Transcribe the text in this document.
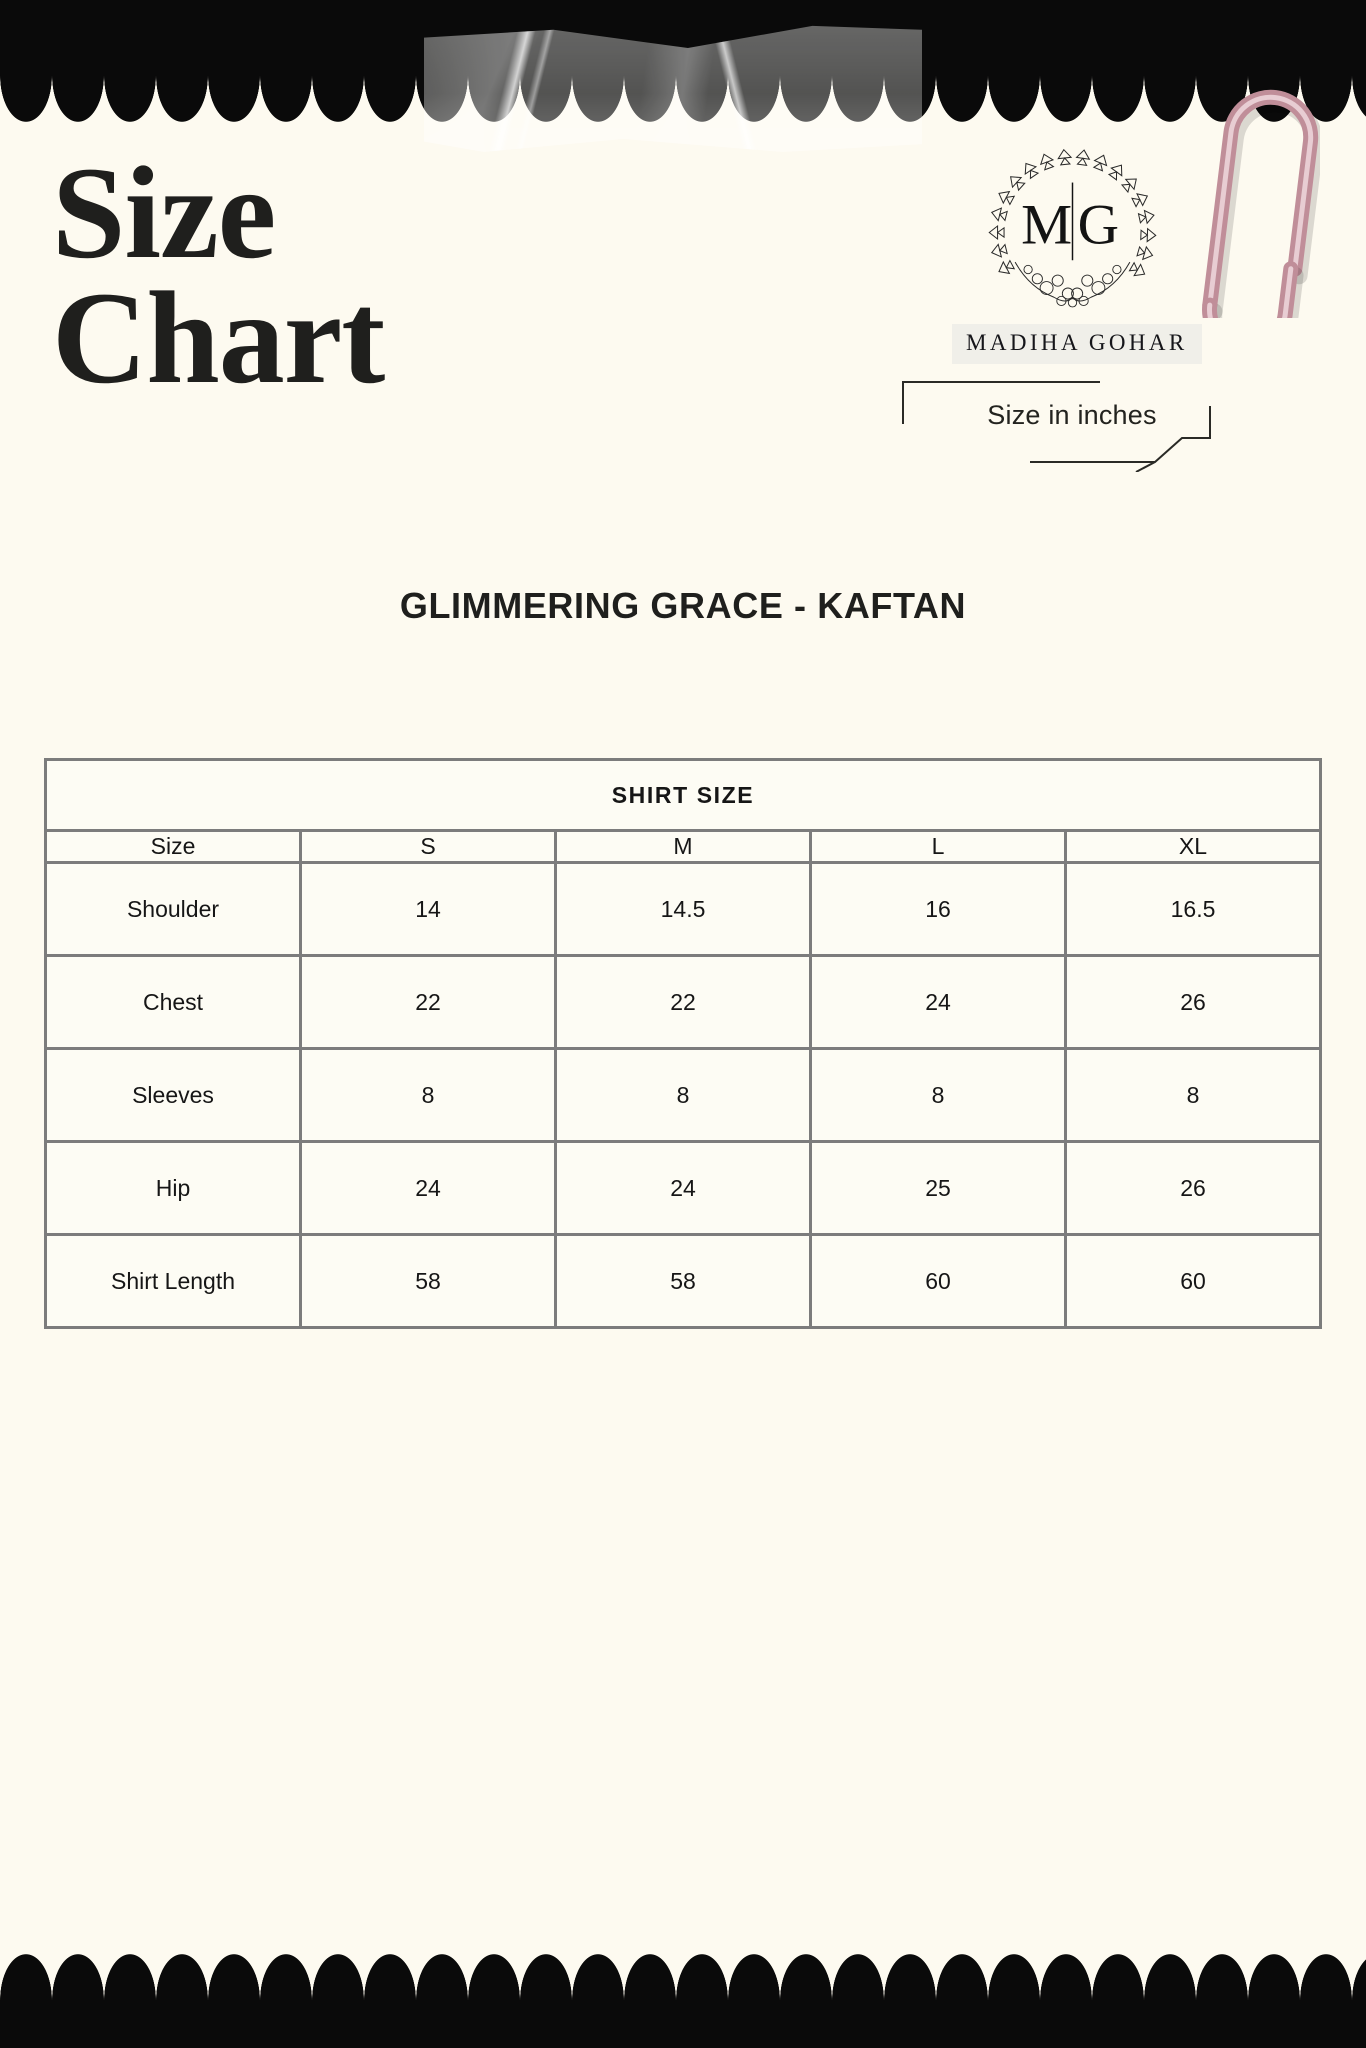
Size
Chart
M G
MADIHA GOHAR
Size in inches
GLIMMERING GRACE - KAFTAN
SHIRT SIZE				
Size	S	M	L	XL
Shoulder	14	14.5	16	16.5
Chest	22	22	24	26
Sleeves	8	8	8	8
Hip	24	24	25	26
Shirt Length	58	58	60	60
